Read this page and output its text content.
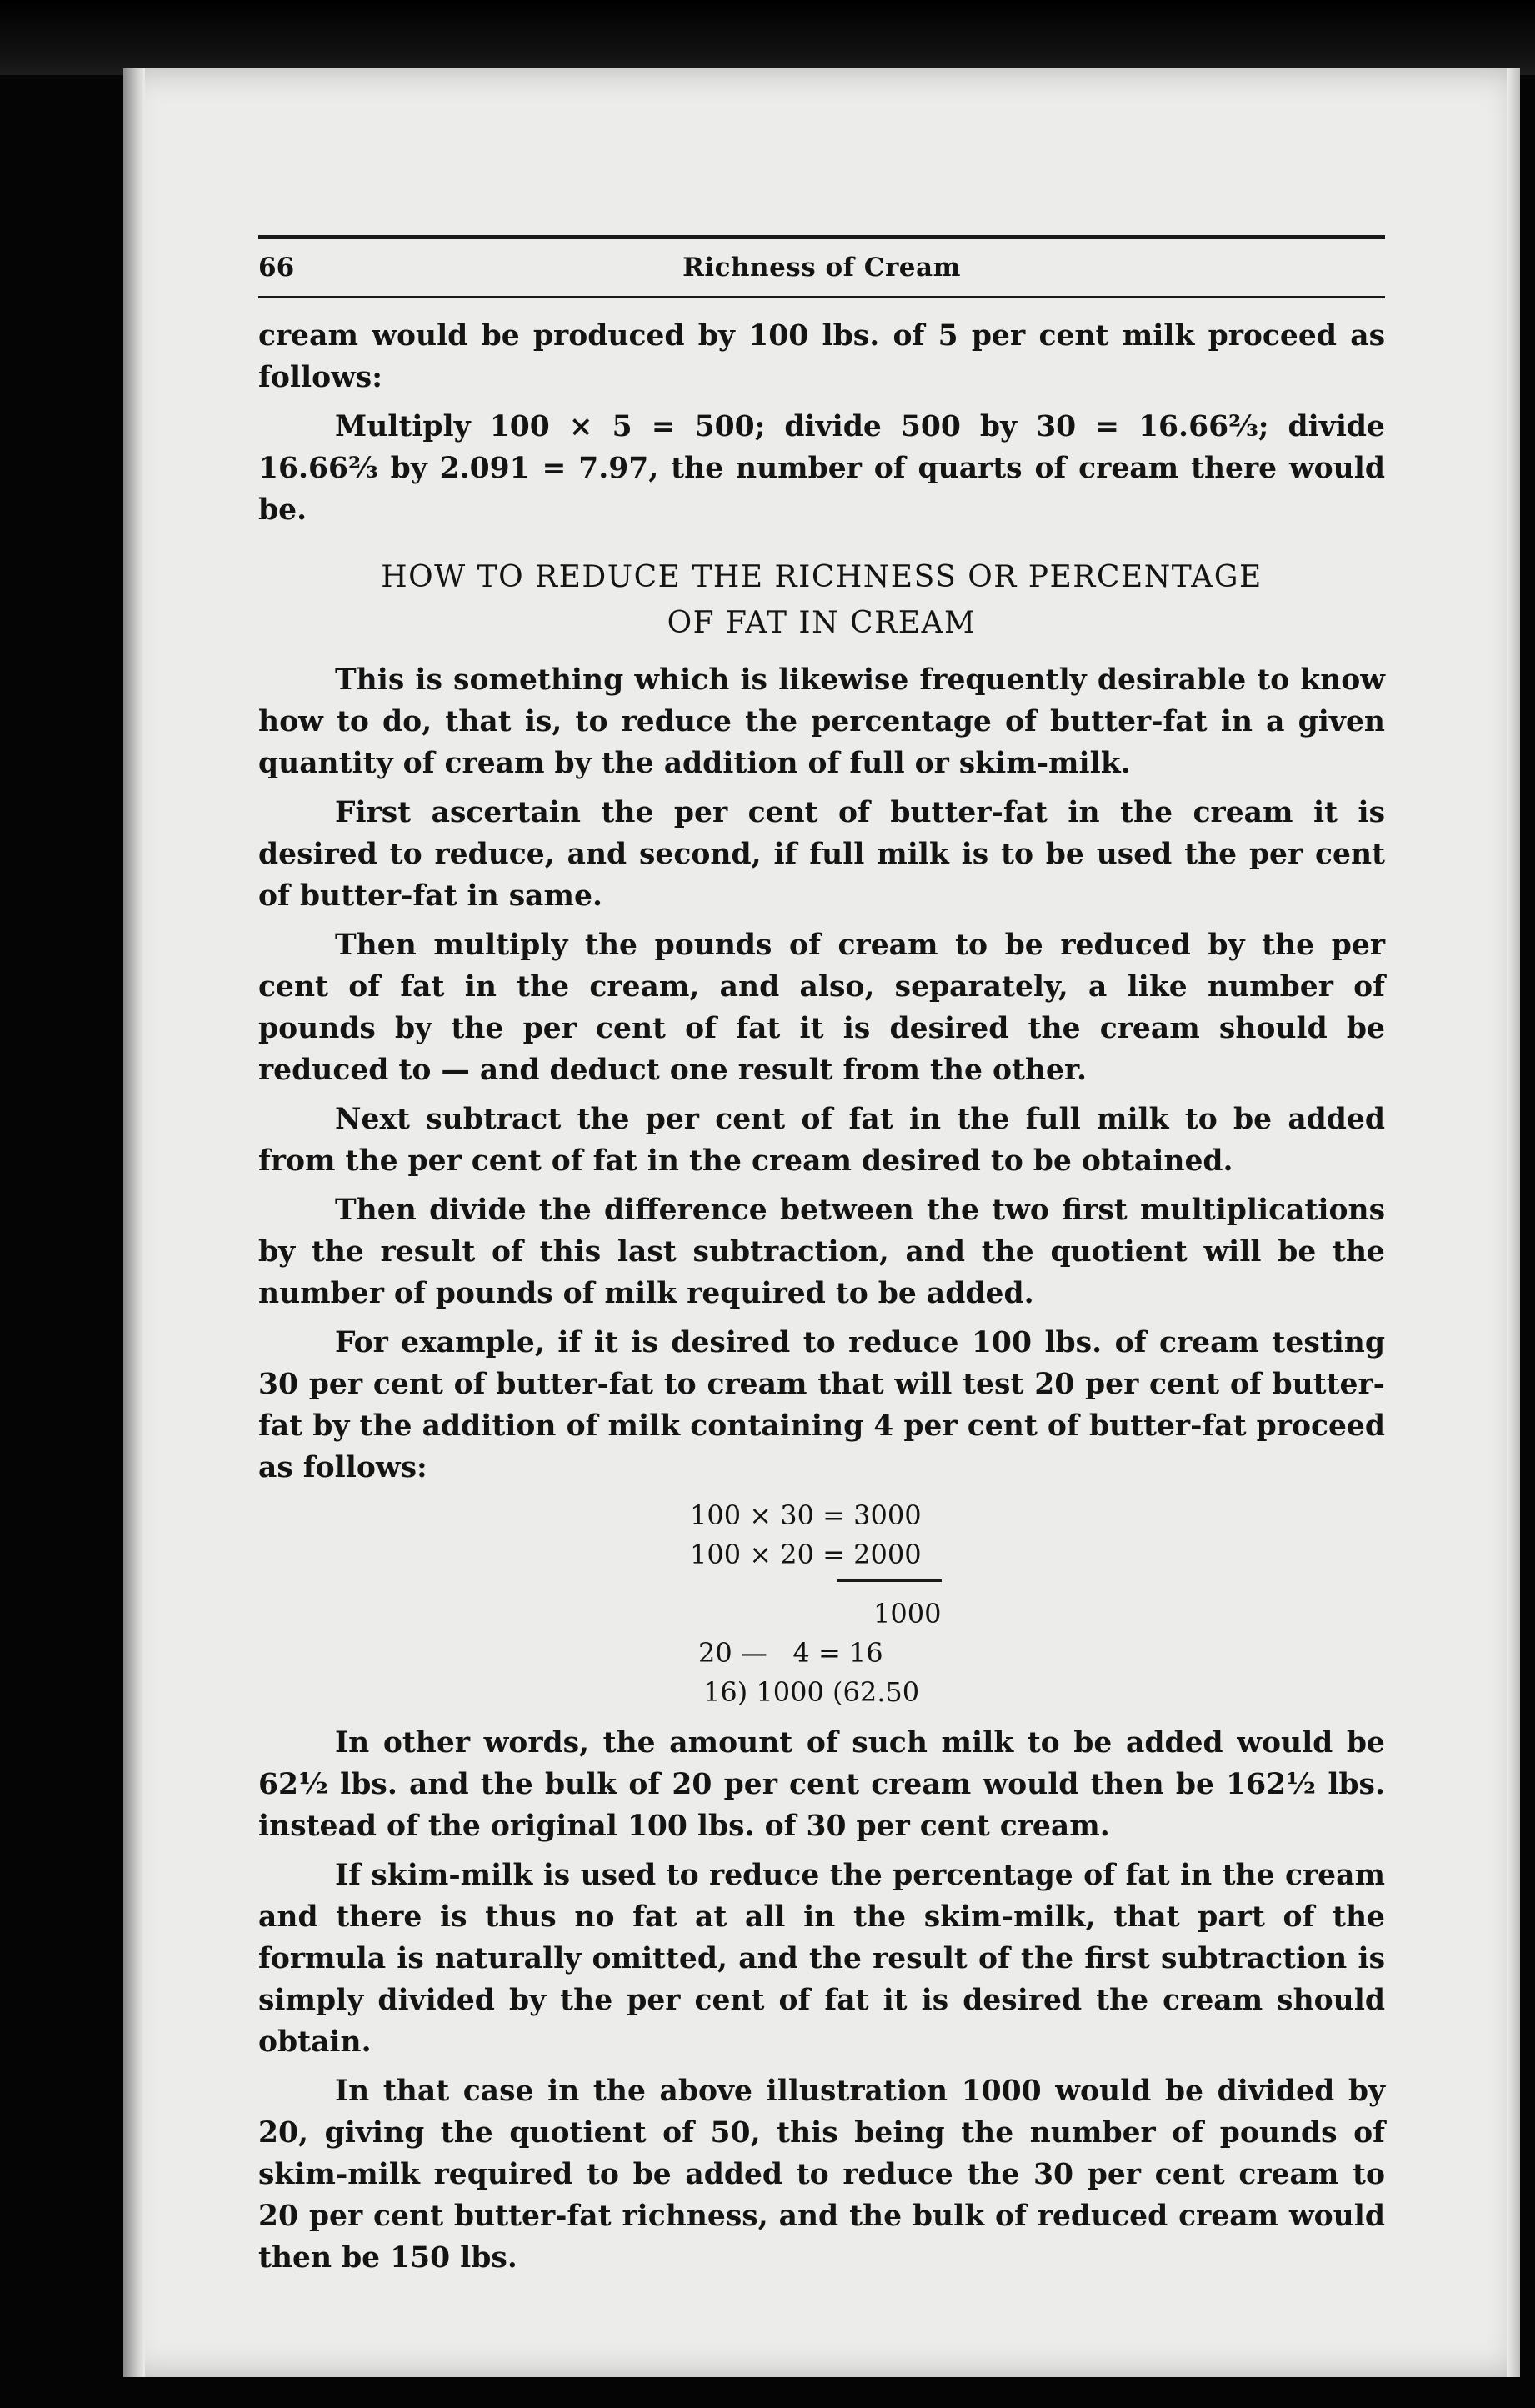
66	Richness of Cream

cream would be produced by 100 lbs. of 5 per cent milk proceed as follows:

Multiply 100 × 5 = 500; divide 500 by 30 = 16.66⅔; divide 16.66⅔ by 2.091 = 7.97, the number of quarts of cream there would be.

HOW TO REDUCE THE RICHNESS OR PERCENTAGE
OF FAT IN CREAM

This is something which is likewise frequently desirable to know how to do, that is, to reduce the percentage of butter-fat in a given quantity of cream by the addition of full or skim-milk.

First ascertain the per cent of butter-fat in the cream it is desired to reduce, and second, if full milk is to be used the per cent of butter-fat in same.

Then multiply the pounds of cream to be reduced by the per cent of fat in the cream, and also, separately, a like number of pounds by the per cent of fat it is desired the cream should be reduced to — and deduct one result from the other.

Next subtract the per cent of fat in the full milk to be added from the per cent of fat in the cream desired to be obtained.

Then divide the difference between the two first multiplications by the result of this last subtraction, and the quotient will be the number of pounds of milk required to be added.

For example, if it is desired to reduce 100 lbs. of cream testing 30 per cent of butter-fat to cream that will test 20 per cent of butter-fat by the addition of milk containing 4 per cent of butter-fat proceed as follows:

100 × 30 = 3000
100 × 20 = 2000
1000
20 —   4 = 16
16) 1000 (62.50

In other words, the amount of such milk to be added would be 62½ lbs. and the bulk of 20 per cent cream would then be 162½ lbs. instead of the original 100 lbs. of 30 per cent cream.

If skim-milk is used to reduce the percentage of fat in the cream and there is thus no fat at all in the skim-milk, that part of the formula is naturally omitted, and the result of the first subtraction is simply divided by the per cent of fat it is desired the cream should obtain.

In that case in the above illustration 1000 would be divided by 20, giving the quotient of 50, this being the number of pounds of skim-milk required to be added to reduce the 30 per cent cream to 20 per cent butter-fat richness, and the bulk of reduced cream would then be 150 lbs.
